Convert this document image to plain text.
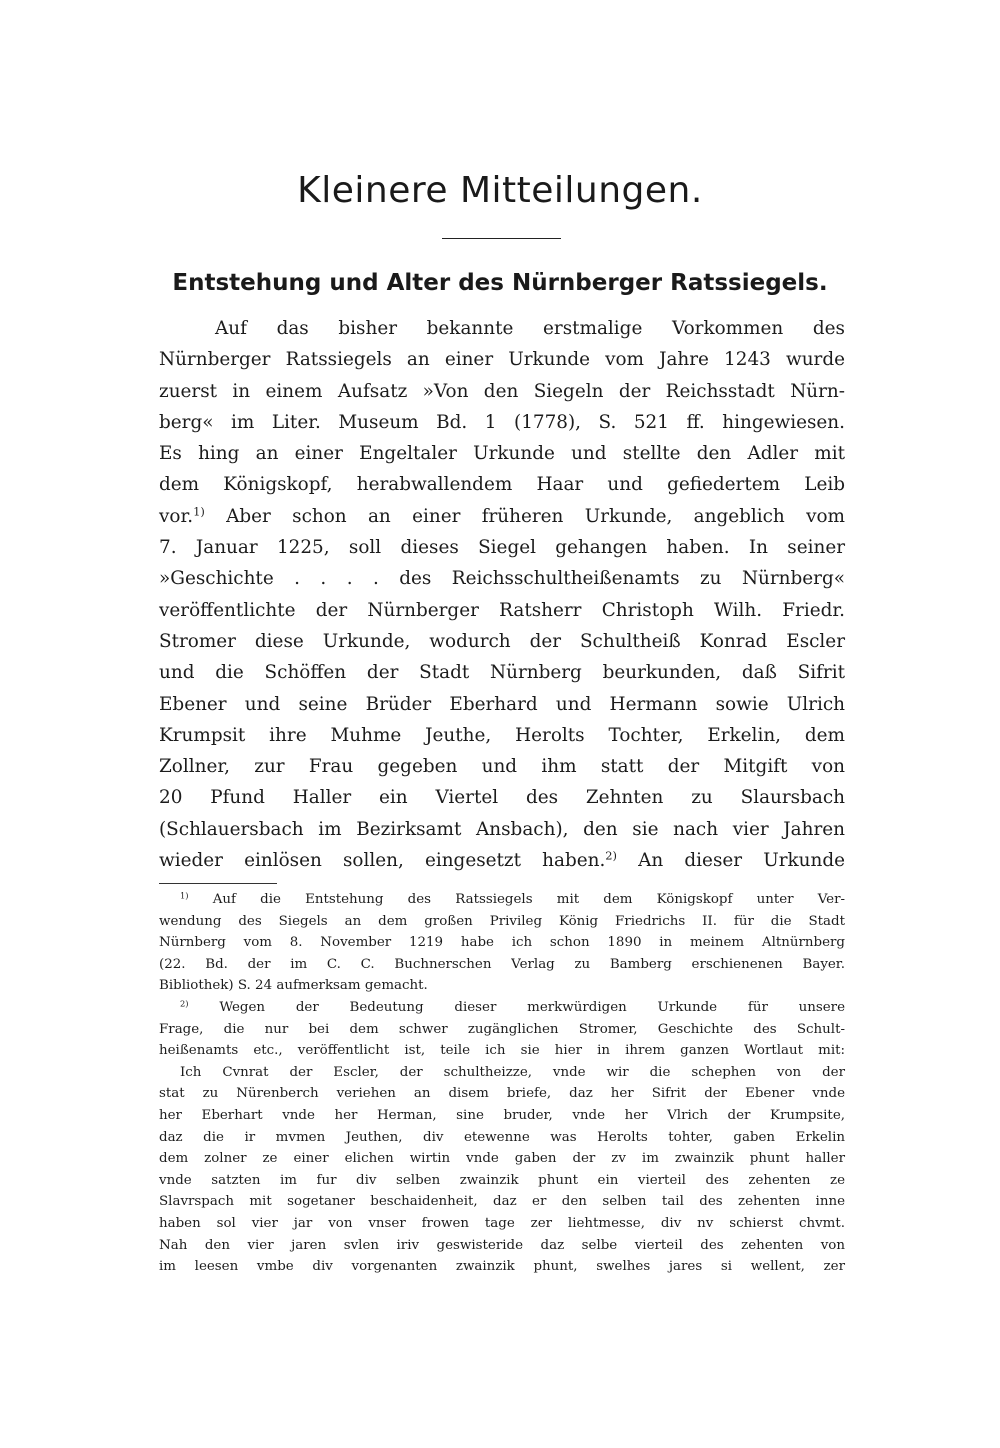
Kleinere Mitteilungen.
Entstehung und Alter des Nürnberger Ratssiegels.
Auf das bisher bekannte erstmalige Vorkommen des
Nürnberger Ratssiegels an einer Urkunde vom Jahre 1243 wurde
zuerst in einem Aufsatz »Von den Siegeln der Reichsstadt Nürn-
berg« im Liter. Museum Bd. 1 (1778), S. 521 ff. hingewiesen.
Es hing an einer Engeltaler Urkunde und stellte den Adler mit
dem Königskopf, herabwallendem Haar und gefiedertem Leib
vor.$^{1)}$ Aber schon an einer früheren Urkunde, angeblich vom
7. Januar 1225, soll dieses Siegel gehangen haben. In seiner
»Geschichte . . . . des Reichsschultheißenamts zu Nürnberg«
veröffentlichte der Nürnberger Ratsherr Christoph Wilh. Friedr.
Stromer diese Urkunde, wodurch der Schultheiß Konrad Escler
und die Schöffen der Stadt Nürnberg beurkunden, daß Sifrit
Ebener und seine Brüder Eberhard und Hermann sowie Ulrich
Krumpsit ihre Muhme Jeuthe, Herolts Tochter, Erkelin, dem
Zollner, zur Frau gegeben und ihm statt der Mitgift von
20 Pfund Haller ein Viertel des Zehnten zu Slaursbach
(Schlauersbach im Bezirksamt Ansbach), den sie nach vier Jahren
wieder einlösen sollen, eingesetzt haben.$^{2)}$ An dieser Urkunde
$^{1)}$ Auf die Entstehung des Ratssiegels mit dem Königskopf unter Ver-
wendung des Siegels an dem großen Privileg König Friedrichs II. für die Stadt
Nürnberg vom 8. November 1219 habe ich schon 1890 in meinem Altnürnberg
(22. Bd. der im C. C. Buchnerschen Verlag zu Bamberg erschienenen Bayer.
Bibliothek) S. 24 aufmerksam gemacht.
$^{2)}$ Wegen der Bedeutung dieser merkwürdigen Urkunde für unsere
Frage, die nur bei dem schwer zugänglichen Stromer, Geschichte des Schult-
heißenamts etc., veröffentlicht ist, teile ich sie hier in ihrem ganzen Wortlaut mit:
Ich Cvnrat der Escler, der schultheizze, vnde wir die schephen von der
stat zu Nürenberch veriehen an disem briefe, daz her Sifrit der Ebener vnde
her Eberhart vnde her Herman, sine bruder, vnde her Vlrich der Krumpsite,
daz die ir mvmen Jeuthen, div etewenne was Herolts tohter, gaben Erkelin
dem zolner ze einer elichen wirtin vnde gaben der zv im zwainzik phunt haller
vnde satzten im fur div selben zwainzik phunt ein vierteil des zehenten ze
Slavrspach mit sogetaner beschaidenheit, daz er den selben tail des zehenten inne
haben sol vier jar von vnser frowen tage zer liehtmesse, div nv schierst chvmt.
Nah den vier jaren svlen iriv geswisteride daz selbe vierteil des zehenten von
im leesen vmbe div vorgenanten zwainzik phunt, swelhes jares si wellent, zer
